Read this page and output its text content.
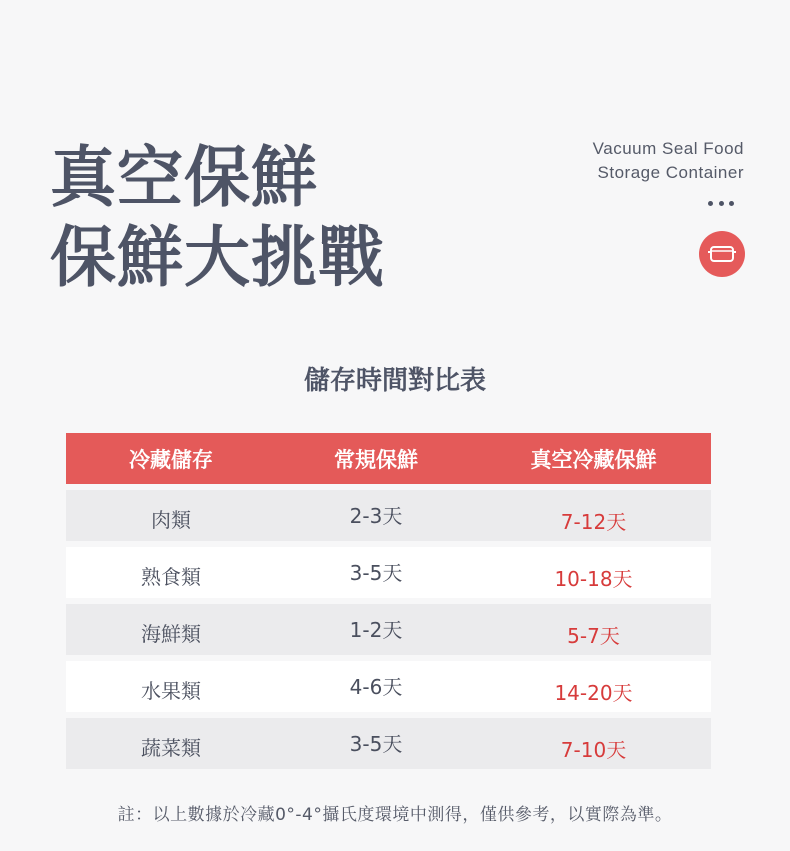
真空保鮮
保鮮大挑戰
Vacuum Seal Food
Storage Container
儲存時間對比表
冷藏儲存	常規保鮮	真空冷藏保鮮
肉類	2-3天	7-12天
熟食類	3-5天	10-18天
海鮮類	1-2天	5-7天
水果類	4-6天	14-20天
蔬菜類	3-5天	7-10天
註：以上數據於冷藏0°-4°攝氏度環境中測得，僅供參考，以實際為準。
